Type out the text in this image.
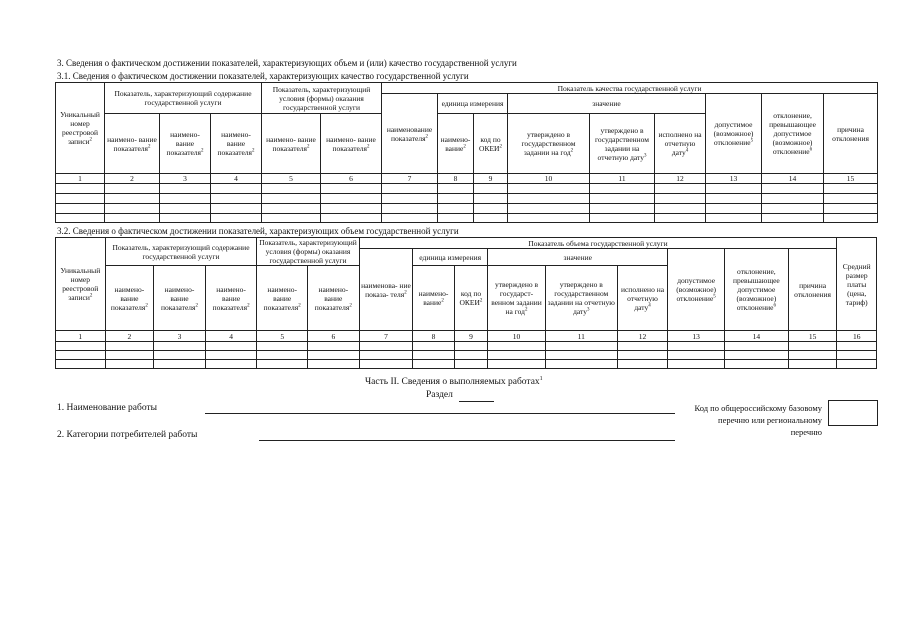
3. Сведения о фактическом достижении показателей, характеризующих объем и (или) качество государственной услуги
3.1. Сведения о фактическом достижении показателей, характеризующих качество государственной услуги
Уникальный номер реестровой записи$^2$	Показатель, характеризующий содержание государственной услуги			Показатель, характеризующий условия (формы) оказания государственной услуги		Показатель качества государственной услуги								
						наименование показателя$^2$	единица измерения		значение			допустимое (возможное) отклонение$^5$	отклонение, превышающее допустимое (возможное) отклонение$^6$	причина отклонения
	наимено- вание показателя$^2$	наимено- вание показателя$^2$	наимено- вание показателя$^2$	наимено- вание показателя$^2$	наимено- вание показателя$^2$		наимено- вание$^2$	код по ОКЕИ$^2$	утверждено в государственном задании на год$^2$	утверждено в государственном задании на отчетную дату$^3$	исполнено на отчетную дату$^4$
1	2	3	4	5	6	7	8	9	10	11	12	13	14	15

3.2. Сведения о фактическом достижении показателей, характеризующих объем государственной услуги
Уникальный номер реестровой записи$^2$	Показатель, характеризующий содержание государственной услуги			Показатель, характеризующий условия (формы) оказания государственной услуги		Показатель объема государственной услуги									Средний размер платы (цена, тариф)
						наименова- ние показа- теля$^2$	единица измерения		значение			допустимое (возможное) отклонение$^5$	отклонение, превышающее допустимое (возможное) отклонение$^6$	причина отклонения	
	наимено- вание показателя$^2$	наимено- вание показателя$^2$	наимено- вание показателя$^2$	наимено- вание показателя$^2$	наимено- вание показателя$^2$		наимено- вание$^2$	код по ОКЕИ$^2$	утверждено в государст- венном задании на год$^2$	утверждено в государственном задании на отчетную дату$^3$	исполнено на отчетную дату$^4$
1	2	3	4	5	6	7	8	9	10	11	12	13	14	15	16

Часть II. Сведения о выполняемых работах$^1$
Раздел
1. Наименование работы
2. Категории потребителей работы
Код по общероссийскому базовому
перечню или региональному
перечню
